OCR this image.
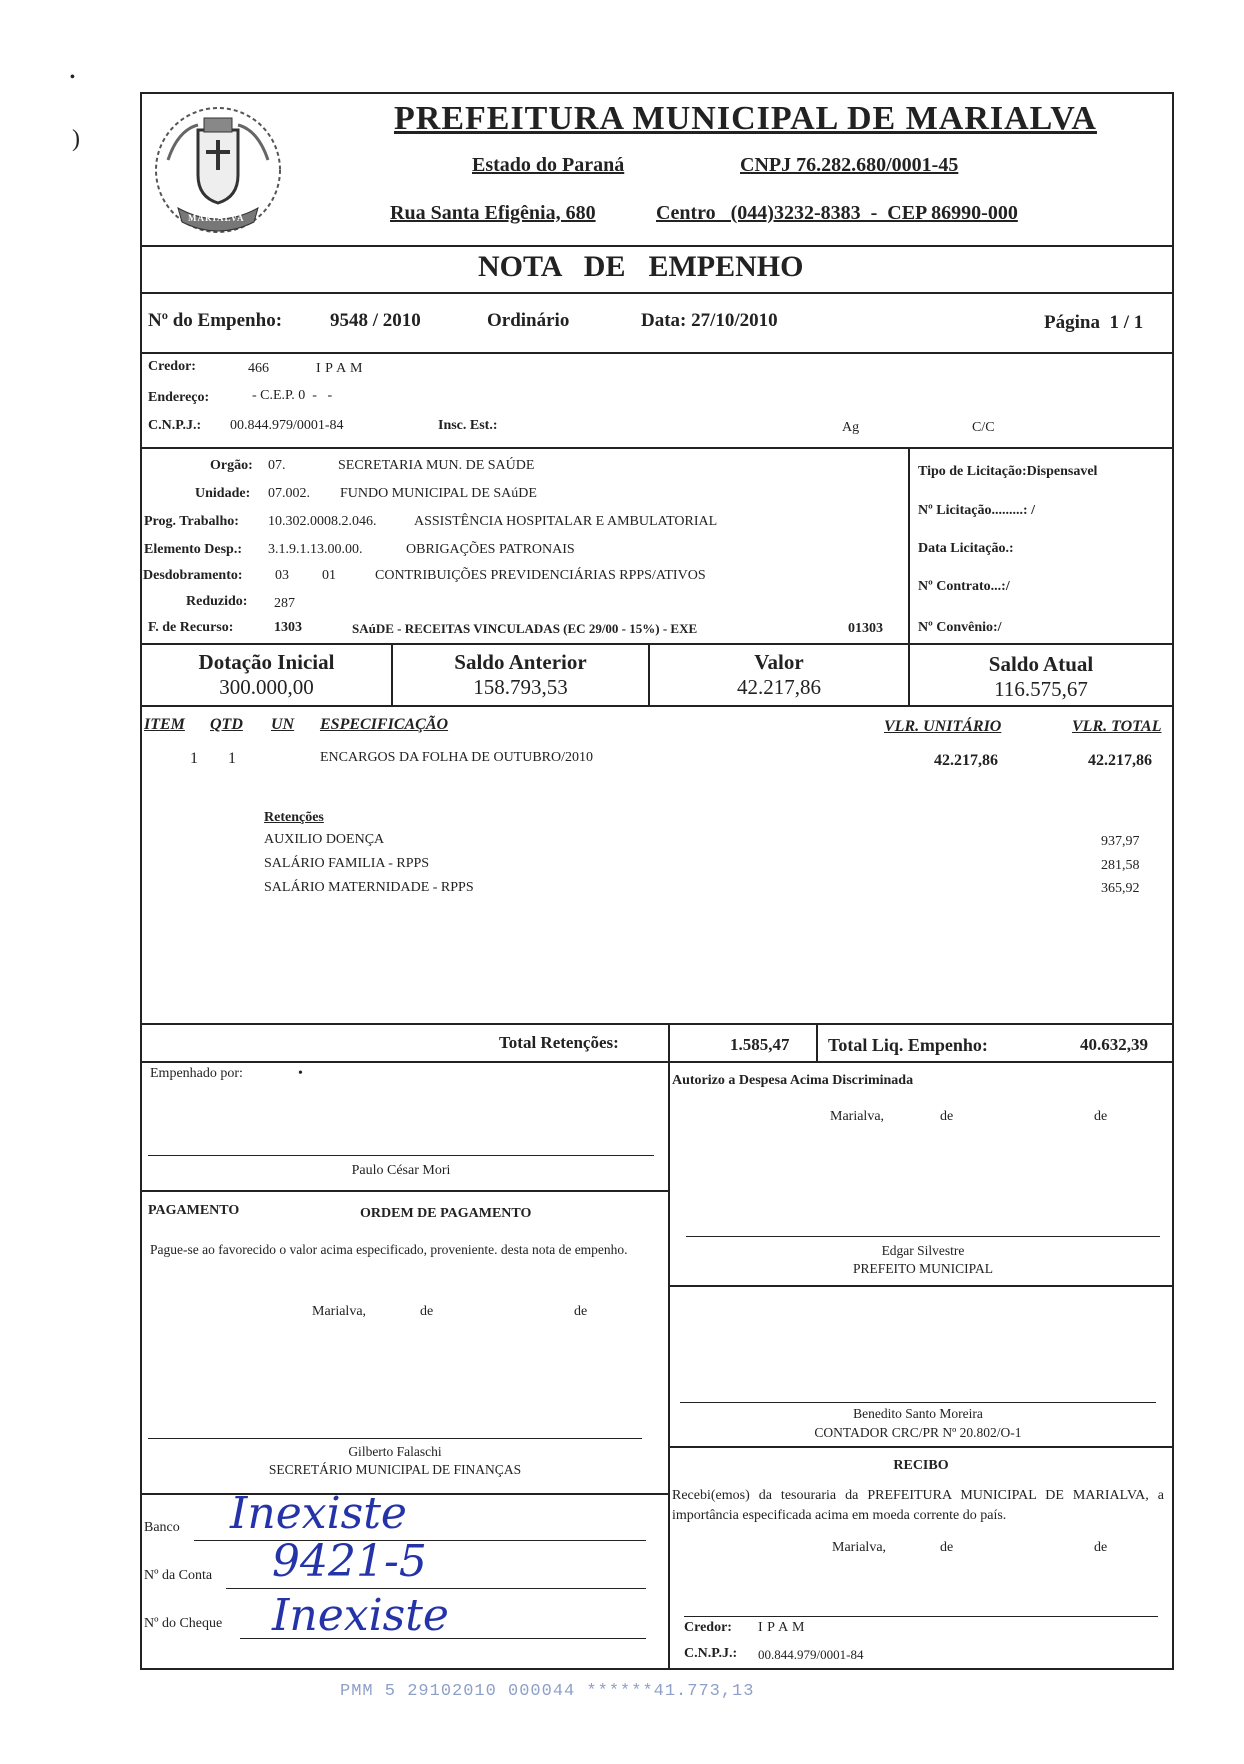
•
)
MARIALVA
PREFEITURA MUNICIPAL DE MARIALVA
Estado do Paraná	CNPJ 76.282.680/0001-45
Rua Santa Efigênia, 680	Centro   (044)3232-8383  -  CEP 86990-000
NOTA  DE  EMPENHO
Nº do Empenho:	9548 / 2010	Ordinário	Data: 27/10/2010	Página  1 / 1
Credor:	466	I P A M
Endereço:	- C.E.P. 0  -   -
C.N.P.J.: 00.844.979/0001-84	Insc. Est.:	Ag	C/C
Orgão: 07.	SECRETARIA MUN. DE SAÚDE
Unidade: 07.002. FUNDO MUNICIPAL DE SAúDE
Prog. Trabalho: 10.302.0008.2.046.	ASSISTÊNCIA HOSPITALAR E AMBULATORIAL
Elemento Desp.: 3.1.9.1.13.00.00.	OBRIGAÇÕES PATRONAIS
Desdobramento: 03 01	CONTRIBUIÇÕES PREVIDENCIÁRIAS RPPS/ATIVOS
Reduzido: 287
F. de Recurso:	1303	SAúDE - RECEITAS VINCULADAS (EC 29/00 - 15%) - EXE	01303
Tipo de Licitação:Dispensavel
Nº Licitação.........: /
Data Licitação.:
Nº Contrato...:/
Nº Convênio:/
Dotação Inicial
300.000,00
Saldo Anterior
158.793,53
Valor
42.217,86
Saldo Atual
116.575,67
ITEM QTD UN ESPECIFICAÇÃO	VLR. UNITÁRIO	VLR. TOTAL
1 1	ENCARGOS DA FOLHA DE OUTUBRO/2010	42.217,86	42.217,86
Retenções
AUXILIO DOENÇA	937,97
SALÁRIO FAMILIA - RPPS	281,58
SALÁRIO MATERNIDADE - RPPS	365,92
Total Retenções:	1.585,47 Total Liq. Empenho:	40.632,39
Empenhado por:	•
Paulo César Mori
PAGAMENTO	ORDEM DE PAGAMENTO
Pague-se ao favorecido o valor acima especificado, proveniente. desta nota de empenho.
Marialva,	de	de
Gilberto Falaschi
SECRETÁRIO MUNICIPAL DE FINANÇAS
Banco Inexiste
Nº da Conta 9421-5
Nº do Cheque Inexiste
Autorizo a Despesa Acima Discriminada
Marialva,	de	de
Edgar Silvestre
PREFEITO MUNICIPAL
Benedito Santo Moreira
CONTADOR CRC/PR Nº 20.802/O-1
RECIBO
Recebi(emos) da tesouraria da PREFEITURA MUNICIPAL DE MARIALVA, a importância especificada acima em moeda corrente do país.
Marialva,	de	de
Credor: I P A M
C.N.P.J.: 00.844.979/0001-84
PMM 5 29102010 000044 ******41.773,13
